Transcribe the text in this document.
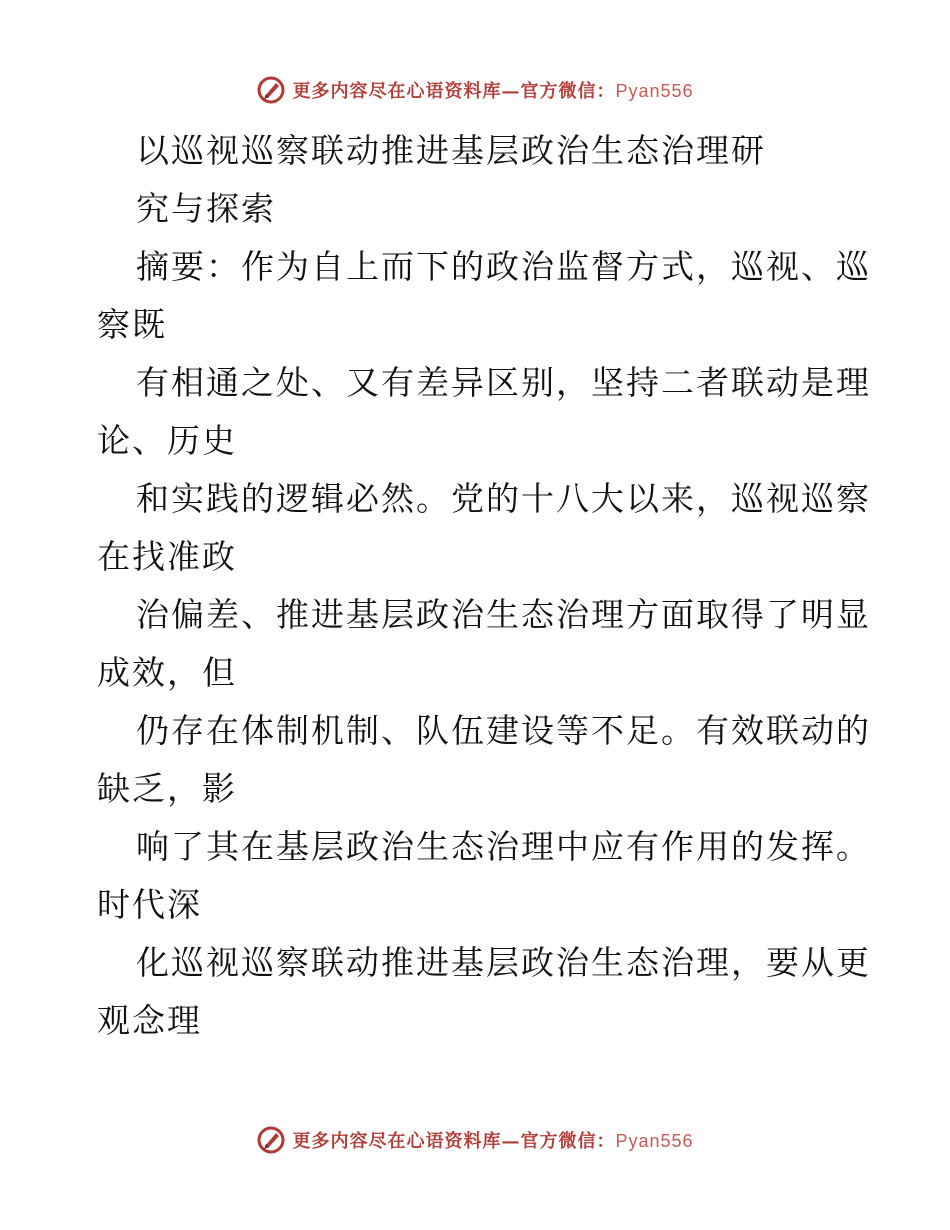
更多内容尽在心语资料库—官方微信：Pyan556
以巡视巡察联动推进基层政治生态治理研
究与探索
摘要：作为自上而下的政治监督方式，巡视、巡
察既
有相通之处、又有差异区别，坚持二者联动是理
论、历史
和实践的逻辑必然。党的十八大以来，巡视巡察
在找准政
治偏差、推进基层政治生态治理方面取得了明显
成效，但
仍存在体制机制、队伍建设等不足。有效联动的
缺乏，影
响了其在基层政治生态治理中应有作用的发挥。
时代深
化巡视巡察联动推进基层政治生态治理，要从更
观念理
更多内容尽在心语资料库—官方微信：Pyan556
